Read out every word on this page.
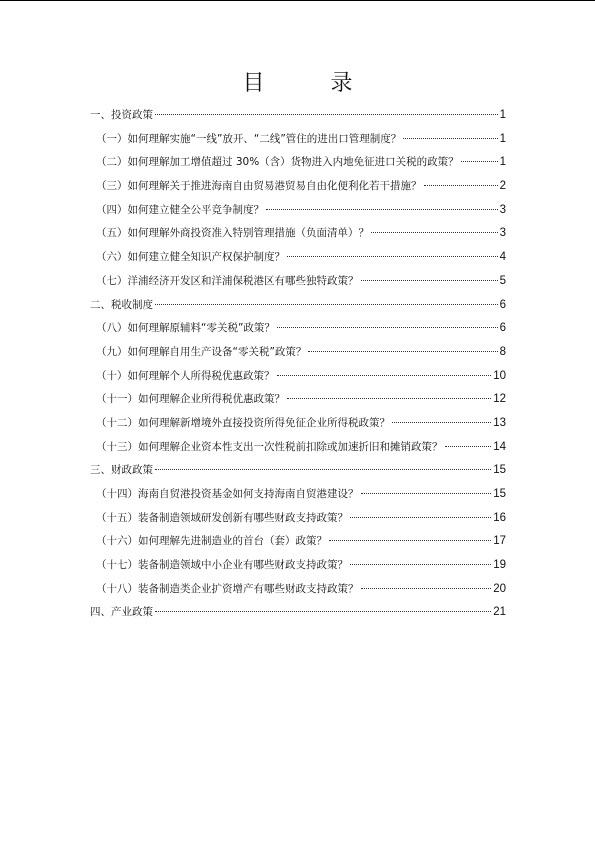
目　录
一、投资政策	1
（一）如何理解实施“一线”放开、“二线”管住的进出口管理制度？	1
（二）如何理解加工增值超过 30%（含）货物进入内地免征进口关税的政策？	1
（三）如何理解关于推进海南自由贸易港贸易自由化便利化若干措施？	2
（四）如何建立健全公平竞争制度？	3
（五）如何理解外商投资准入特别管理措施（负面清单）？	3
（六）如何建立健全知识产权保护制度？	4
（七）洋浦经济开发区和洋浦保税港区有哪些独特政策？	5
二、税收制度	6
（八）如何理解原辅料“零关税”政策？	6
（九）如何理解自用生产设备“零关税”政策？	8
（十）如何理解个人所得税优惠政策？	10
（十一）如何理解企业所得税优惠政策？	12
（十二）如何理解新增境外直接投资所得免征企业所得税政策？	13
（十三）如何理解企业资本性支出一次性税前扣除或加速折旧和摊销政策？	14
三、财政政策	15
（十四）海南自贸港投资基金如何支持海南自贸港建设？	15
（十五）装备制造领域研发创新有哪些财政支持政策？	16
（十六）如何理解先进制造业的首台（套）政策？	17
（十七）装备制造领域中小企业有哪些财政支持政策？	19
（十八）装备制造类企业扩资增产有哪些财政支持政策？	20
四、产业政策	21
